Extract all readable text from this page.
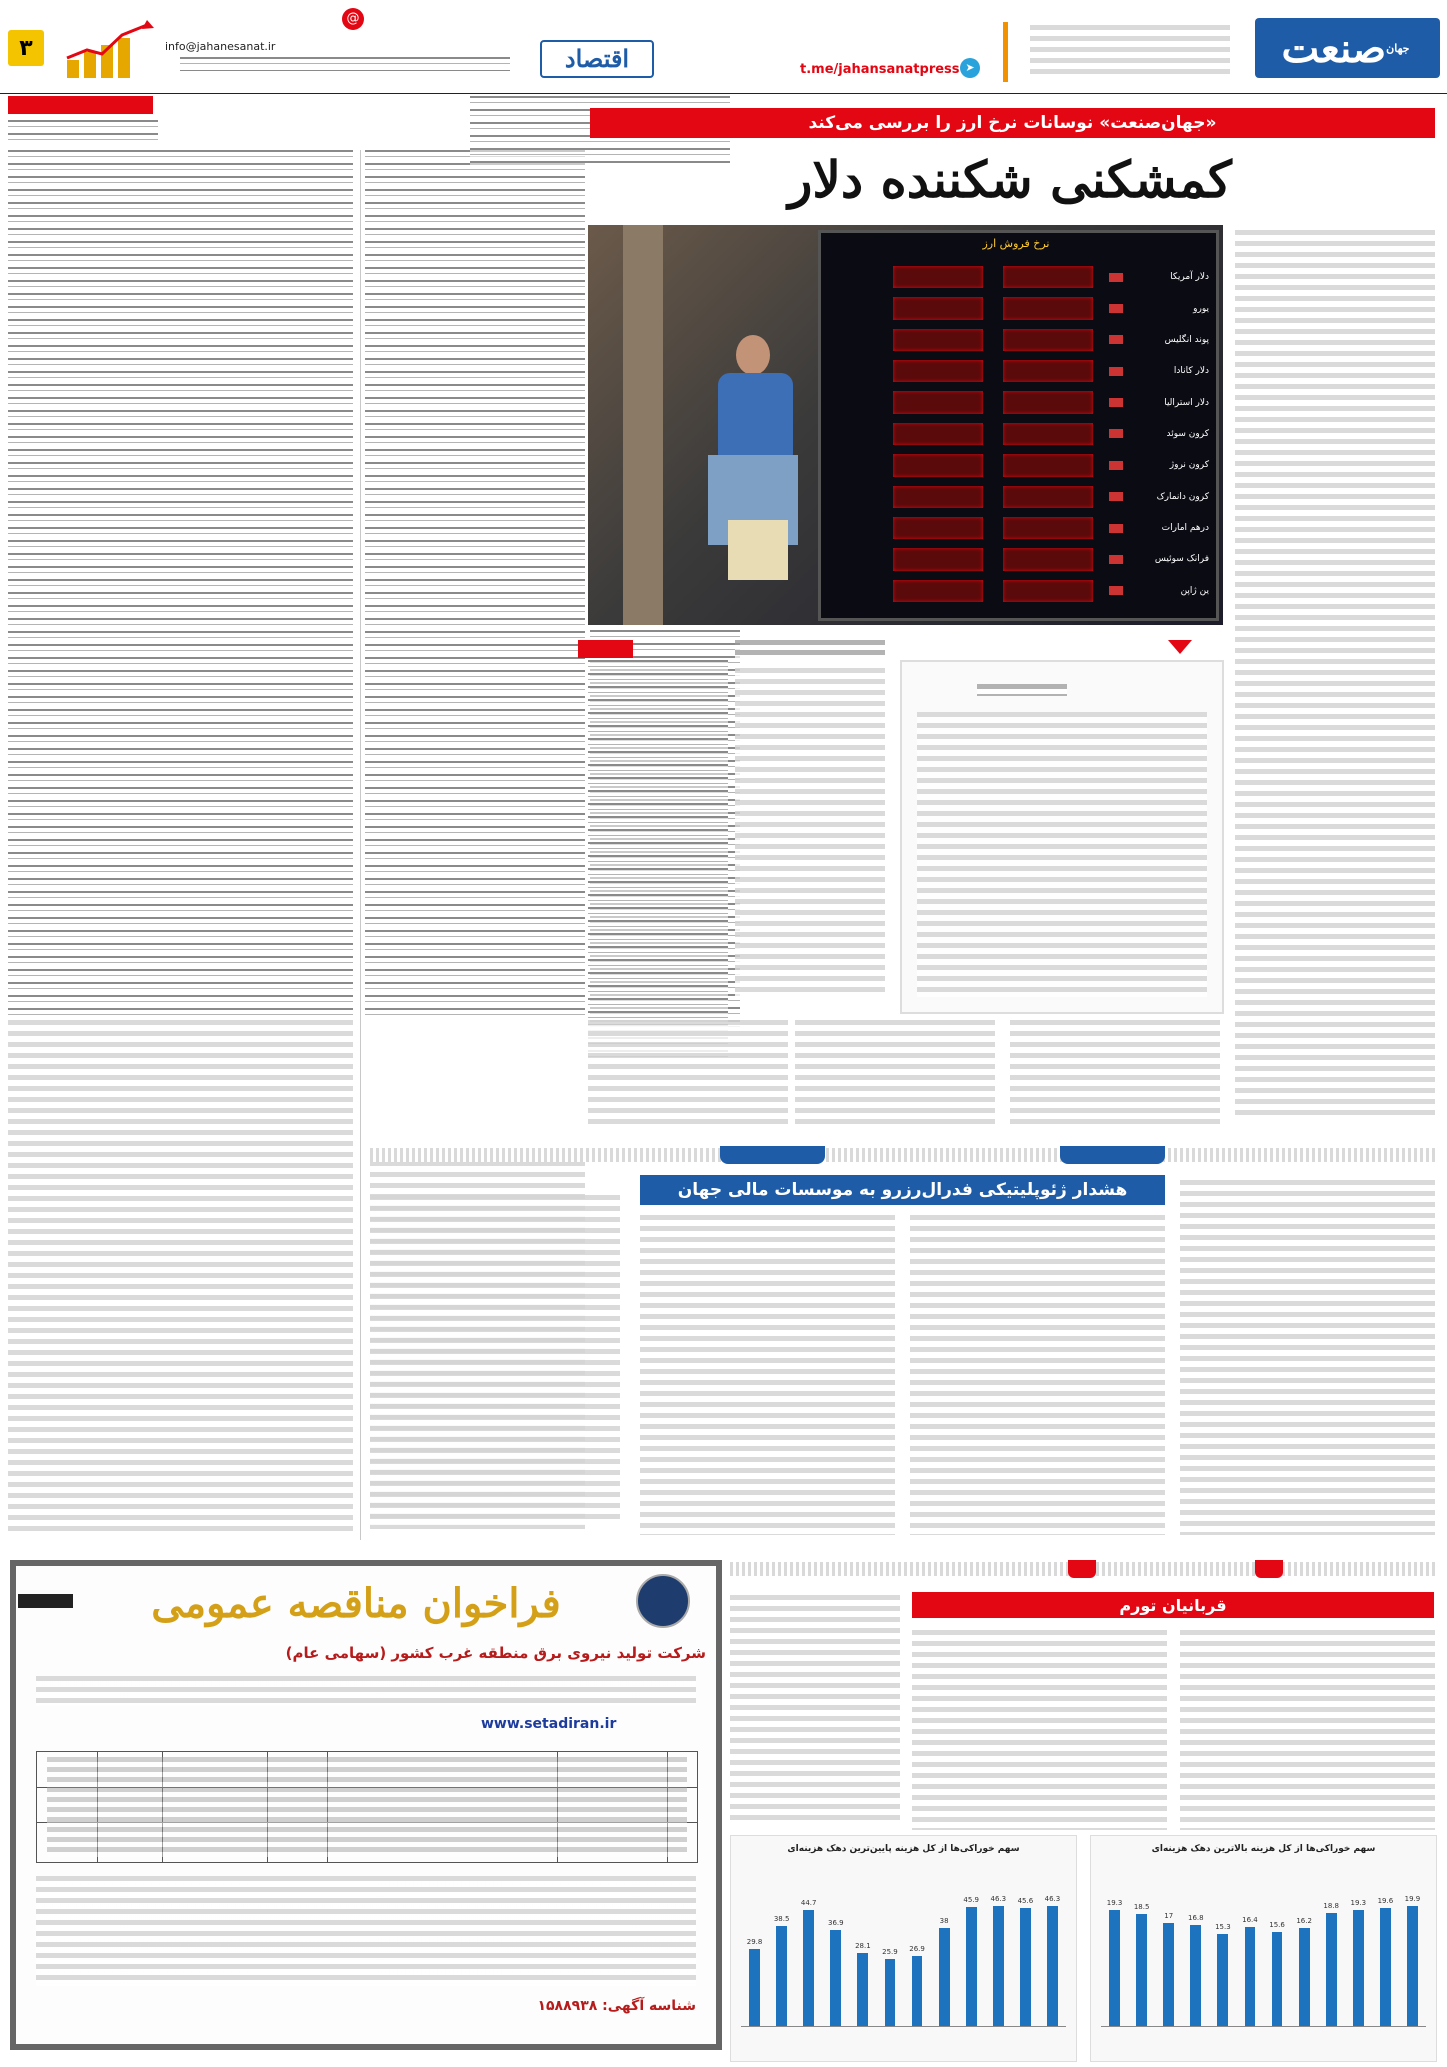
۳
@
info@jahanesanat.ir	اقتصاد	t.me/jahansanatpress ➤	صنعت جهان
«جهان‌صنعت» نوسانات نرخ ارز را بررسی می‌کند
کمشکنی شکننده دلار
نرخ فروش ارز
دلار آمریکا
یورو
پوند انگلیس
دلار کانادا
دلار استرالیا
کرون سوئد
کرون نروژ
کرون دانمارک
درهم امارات
فرانک سوئیس
ین ژاپن
هشدار ژئوپلیتیکی فدرال‌رزرو به موسسات مالی جهان
فراخوان مناقصه عمومی
شرکت تولید نیروی برق منطقه غرب کشور (سهامی عام)
www.setadiran.ir
شناسه آگهی: ۱۵۸۸۹۳۸
قربانیان تورم
سهم خوراکی‌ها از کل هزینه پایین‌ترین دهک هزینه‌ای
29.8
38.5
44.7
36.9
28.1
25.9	26.9
38
45.9	46.3	45.6	46.3
سهم خوراکی‌ها از کل هزینه بالاترین دهک هزینه‌ای
19.3
18.5
17	16.8
15.3
16.4
15.6	16.2
18.8	19.3	19.6	19.9
